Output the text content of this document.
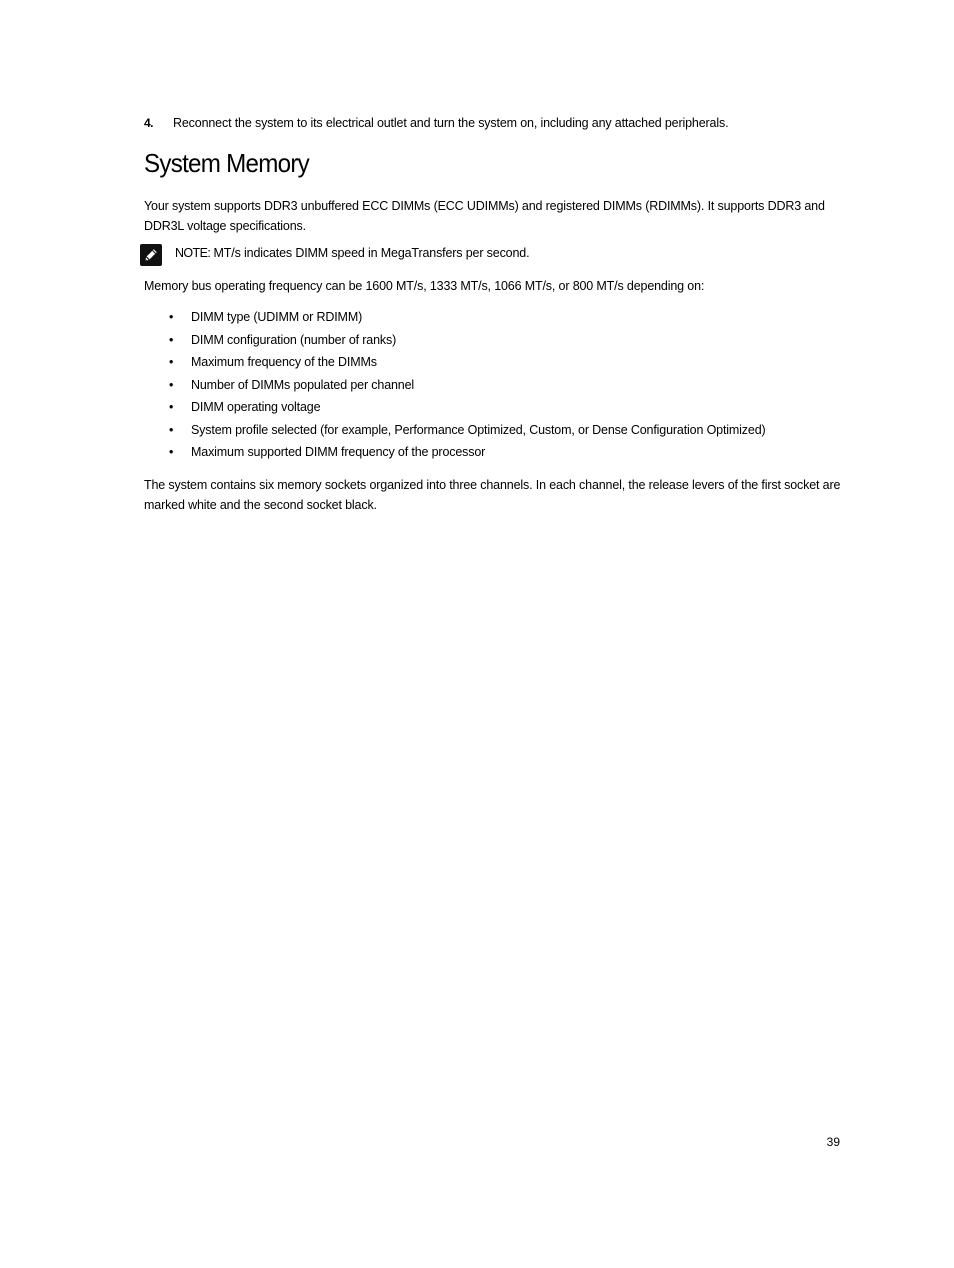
4. Reconnect the system to its electrical outlet and turn the system on, including any attached peripherals.
System Memory

Your system supports DDR3 unbuffered ECC DIMMs (ECC UDIMMs) and registered DIMMs (RDIMMs). It supports DDR3 and DDR3L voltage specifications.

NOTE: MT/s indicates DIMM speed in MegaTransfers per second.

Memory bus operating frequency can be 1600 MT/s, 1333 MT/s, 1066 MT/s, or 800 MT/s depending on:

• DIMM type (UDIMM or RDIMM)
• DIMM configuration (number of ranks)
• Maximum frequency of the DIMMs
• Number of DIMMs populated per channel
• DIMM operating voltage
• System profile selected (for example, Performance Optimized, Custom, or Dense Configuration Optimized)
• Maximum supported DIMM frequency of the processor

The system contains six memory sockets organized into three channels. In each channel, the release levers of the first socket are marked white and the second socket black.

39
